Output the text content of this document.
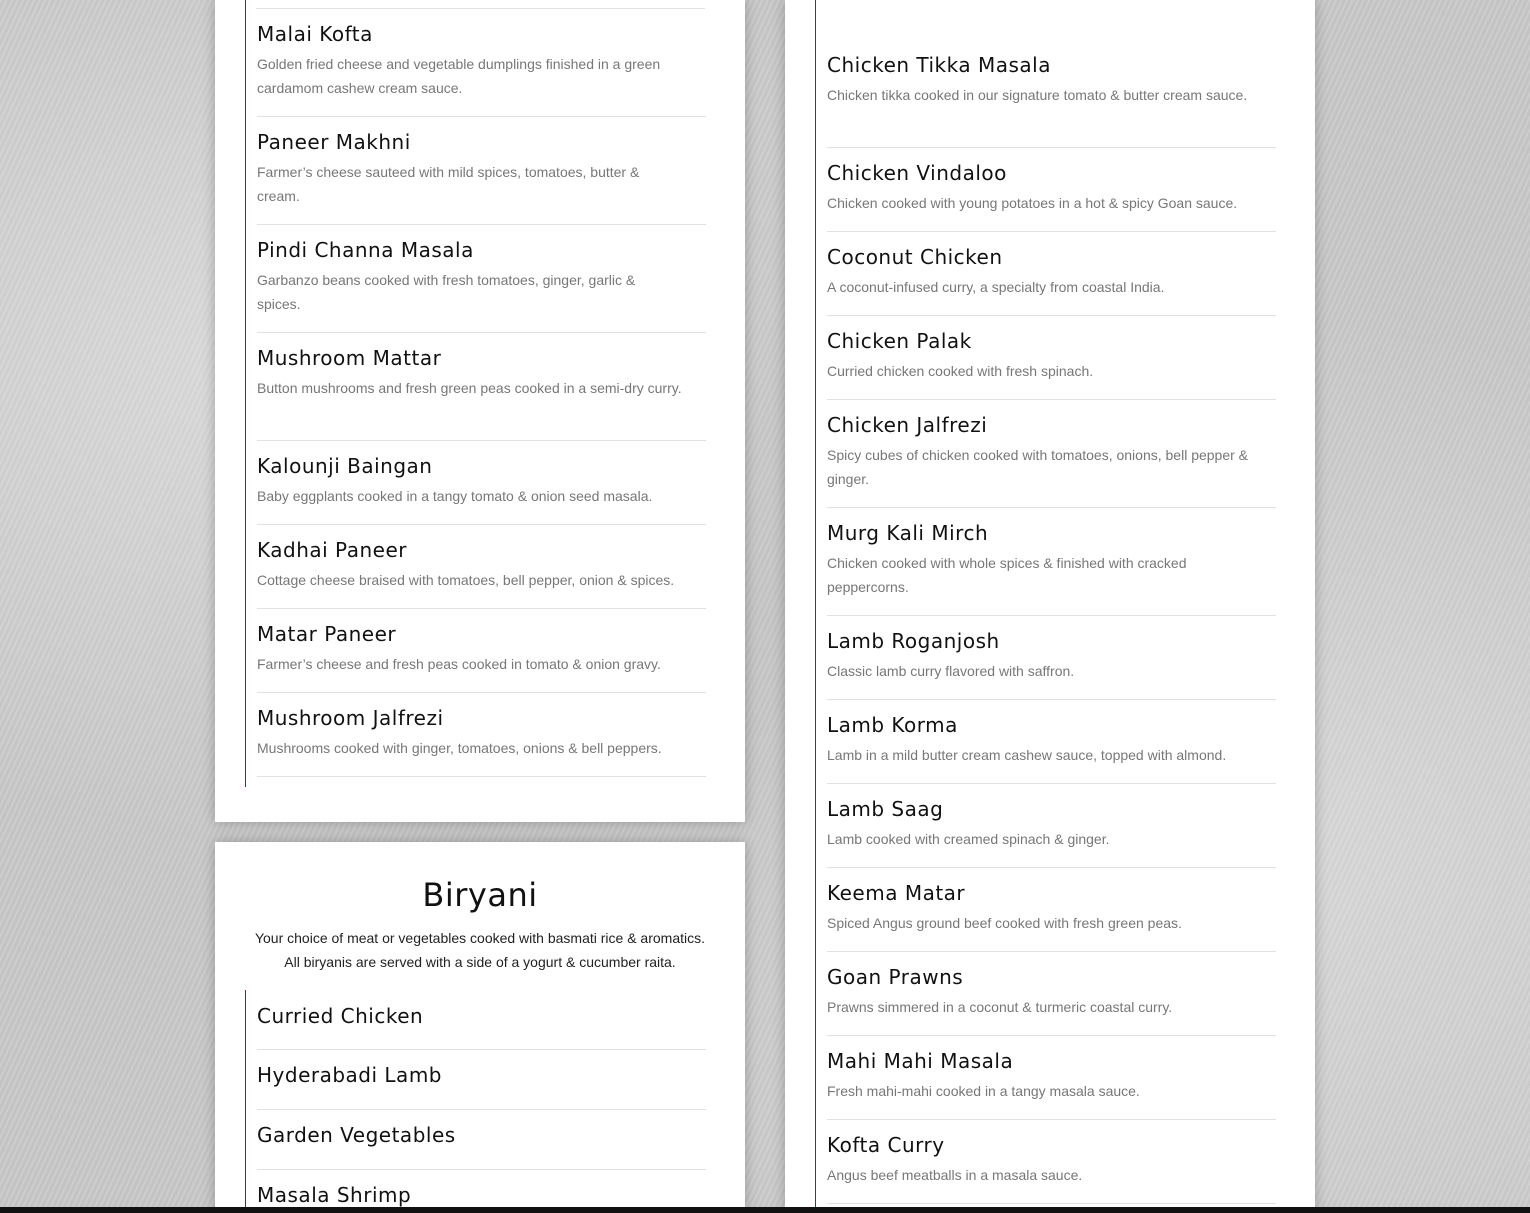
Malai Kofta
Golden fried cheese and vegetable dumplings finished in a green cardamom cashew cream sauce.
Paneer Makhni
Farmer’s cheese sauteed with mild spices, tomatoes, butter & cream.
Pindi Channa Masala
Garbanzo beans cooked with fresh tomatoes, ginger, garlic & spices.
Mushroom Mattar
Button mushrooms and fresh green peas cooked in a semi-dry curry.
Kalounji Baingan
Baby eggplants cooked in a tangy tomato & onion seed masala.
Kadhai Paneer
Cottage cheese braised with tomatoes, bell pepper, onion & spices.
Matar Paneer
Farmer’s cheese and fresh peas cooked in tomato & onion gravy.
Mushroom Jalfrezi
Mushrooms cooked with ginger, tomatoes, onions & bell peppers.
Biryani
Your choice of meat or vegetables cooked with basmati rice & aromatics.
All biryanis are served with a side of a yogurt & cucumber raita.
Curried Chicken
Hyderabadi Lamb
Garden Vegetables
Masala Shrimp
Chicken Tikka Masala
Chicken tikka cooked in our signature tomato & butter cream sauce.
Chicken Vindaloo
Chicken cooked with young potatoes in a hot & spicy Goan sauce.
Coconut Chicken
A coconut-infused curry, a specialty from coastal India.
Chicken Palak
Curried chicken cooked with fresh spinach.
Chicken Jalfrezi
Spicy cubes of chicken cooked with tomatoes, onions, bell pepper & ginger.
Murg Kali Mirch
Chicken cooked with whole spices & finished with cracked peppercorns.
Lamb Roganjosh
Classic lamb curry flavored with saffron.
Lamb Korma
Lamb in a mild butter cream cashew sauce, topped with almond.
Lamb Saag
Lamb cooked with creamed spinach & ginger.
Keema Matar
Spiced Angus ground beef cooked with fresh green peas.
Goan Prawns
Prawns simmered in a coconut & turmeric coastal curry.
Mahi Mahi Masala
Fresh mahi-mahi cooked in a tangy masala sauce.
Kofta Curry
Angus beef meatballs in a masala sauce.
